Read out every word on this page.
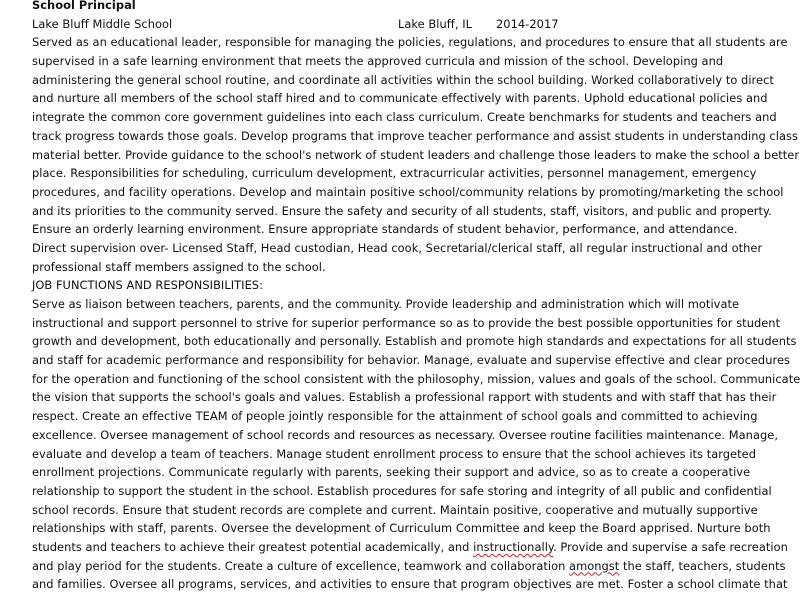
School Principal
Lake Bluff Middle School	Lake Bluff, IL 2014-2017
Served as an educational leader, responsible for managing the policies, regulations, and procedures to ensure that all students are
supervised in a safe learning environment that meets the approved curricula and mission of the school. Developing and
administering the general school routine, and coordinate all activities within the school building. Worked collaboratively to direct
and nurture all members of the school staff hired and to communicate effectively with parents. Uphold educational policies and
integrate the common core government guidelines into each class curriculum. Create benchmarks for students and teachers and
track progress towards those goals. Develop programs that improve teacher performance and assist students in understanding class
material better. Provide guidance to the school's network of student leaders and challenge those leaders to make the school a better
place. Responsibilities for scheduling, curriculum development, extracurricular activities, personnel management, emergency
procedures, and facility operations. Develop and maintain positive school/community relations by promoting/marketing the school
and its priorities to the community served. Ensure the safety and security of all students, staff, visitors, and public and property.
Ensure an orderly learning environment. Ensure appropriate standards of student behavior, performance, and attendance.
Direct supervision over- Licensed Staff, Head custodian, Head cook, Secretarial/clerical staff, all regular instructional and other
professional staff members assigned to the school.
JOB FUNCTIONS AND RESPONSIBILITIES:
Serve as liaison between teachers, parents, and the community. Provide leadership and administration which will motivate
instructional and support personnel to strive for superior performance so as to provide the best possible opportunities for student
growth and development, both educationally and personally. Establish and promote high standards and expectations for all students
and staff for academic performance and responsibility for behavior. Manage, evaluate and supervise effective and clear procedures
for the operation and functioning of the school consistent with the philosophy, mission, values and goals of the school. Communicate
the vision that supports the school's goals and values. Establish a professional rapport with students and with staff that has their
respect. Create an effective TEAM of people jointly responsible for the attainment of school goals and committed to achieving
excellence. Oversee management of school records and resources as necessary. Oversee routine facilities maintenance. Manage,
evaluate and develop a team of teachers. Manage student enrollment process to ensure that the school achieves its targeted
enrollment projections. Communicate regularly with parents, seeking their support and advice, so as to create a cooperative
relationship to support the student in the school. Establish procedures for safe storing and integrity of all public and confidential
school records. Ensure that student records are complete and current. Maintain positive, cooperative and mutually supportive
relationships with staff, parents. Oversee the development of Curriculum Committee and keep the Board apprised. Nurture both
students and teachers to achieve their greatest potential academically, and instructionally. Provide and supervise a safe recreation
and play period for the students. Create a culture of excellence, teamwork and collaboration amongst the staff, teachers, students
and families. Oversee all programs, services, and activities to ensure that program objectives are met. Foster a school climate that
